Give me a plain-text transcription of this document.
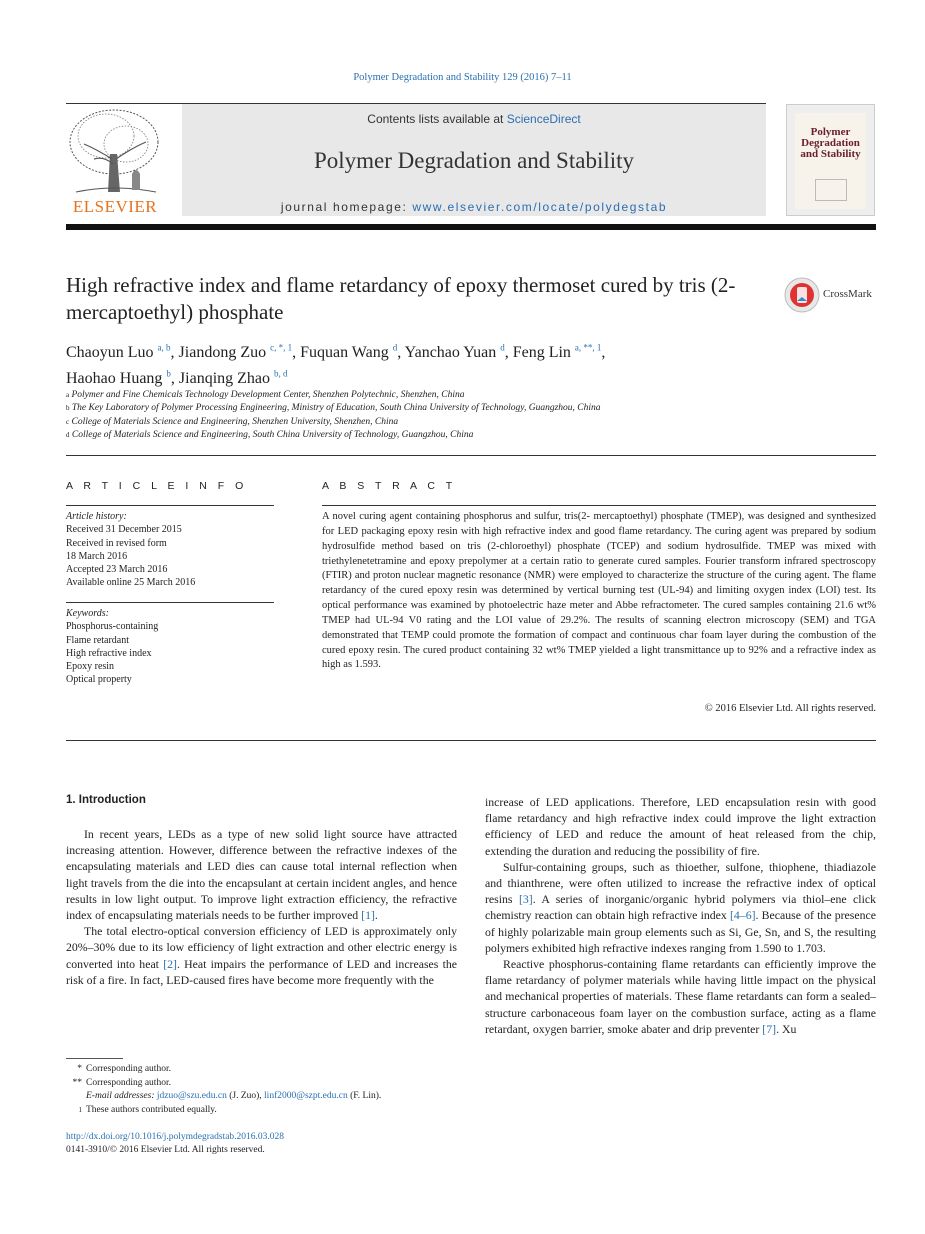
Polymer Degradation and Stability 129 (2016) 7–11
ELSEVIER
Contents lists available at ScienceDirect
Polymer Degradation and Stability
journal homepage: www.elsevier.com/locate/polydegstab
Polymer Degradation and Stability
High refractive index and flame retardancy of epoxy thermoset cured by tris (2- mercaptoethyl) phosphate
CrossMark
Chaoyun Luo $^{a, b}$, Jiandong Zuo $^{c, *, 1}$, Fuquan Wang $^d$, Yanchao Yuan $^d$, Feng Lin $^{a, **, 1}$,
Haohao Huang $^b$, Jianqing Zhao $^{b, d}$
$^a$ Polymer and Fine Chemicals Technology Development Center, Shenzhen Polytechnic, Shenzhen, China
$^b$ The Key Laboratory of Polymer Processing Engineering, Ministry of Education, South China University of Technology, Guangzhou, China
$^c$ College of Materials Science and Engineering, Shenzhen University, Shenzhen, China
$^d$ College of Materials Science and Engineering, South China University of Technology, Guangzhou, China
A R T I C L E I N F O	A B S T R A C T
Article history:
Received 31 December 2015
Received in revised form
18 March 2016
Accepted 23 March 2016
Available online 25 March 2016
Keywords:
Phosphorus-containing
Flame retardant
High refractive index
Epoxy resin
Optical property
A novel curing agent containing phosphorus and sulfur, tris(2- mercaptoethyl) phosphate (TMEP), was designed and synthesized for LED packaging epoxy resin with high refractive index and good flame retardancy. The curing agent was prepared by sodium hydrosulfide method based on tris (2-chloroethyl) phosphate (TCEP) and sodium hydrosulfide. TMEP was mixed with triethylenetetramine and epoxy prepolymer at a certain ratio to generate cured samples. Fourier transform infrared spectroscopy (FTIR) and proton nuclear magnetic resonance (NMR) were employed to characterize the structure of the curing agent. The flame retardancy of the cured epoxy resin was determined by vertical burning test (UL-94) and limiting oxygen index (LOI) test. Its optical performance was examined by photoelectric haze meter and Abbe refractometer. The cured samples containing 21.6 wt% TMEP had UL-94 V0 rating and the LOI value of 29.2%. The results of scanning electron microscopy (SEM) and TGA demonstrated that TEMP could promote the formation of compact and continuous char foam layer during the combustion of the cured epoxy resin. The cured product containing 32 wt% TMEP yielded a light transmittance up to 92% and a refractive index as high as 1.593.
© 2016 Elsevier Ltd. All rights reserved.
1. Introduction

In recent years, LEDs as a type of new solid light source have attracted increasing attention. However, difference between the refractive indexes of the encapsulating materials and LED dies can cause total internal reflection when light travels from the die into the encapsulant at certain incident angles, and hence results in low light output. To improve light extraction efficiency, the refractive index of encapsulating materials needs to be further improved [1].

The total electro-optical conversion efficiency of LED is approximately only 20%–30% due to its low efficiency of light extraction and other electric energy is converted into heat [2]. Heat impairs the performance of LED and increases the risk of a fire. In fact, LED-caused fires have become more frequently with the

increase of LED applications. Therefore, LED encapsulation resin with good flame retardancy and high refractive index could improve the light extraction efficiency of LED and reduce the amount of heat released from the chip, extending the duration and reducing the possibility of fire.

Sulfur-containing groups, such as thioether, sulfone, thiophene, thiadiazole and thianthrene, were often utilized to increase the refractive index of optical resins [3]. A series of inorganic/organic hybrid polymers via thiol–ene click chemistry reaction can obtain high refractive index [4–6]. Because of the presence of highly polarizable main group elements such as Si, Ge, Sn, and S, the resulting polymers exhibited high refractive indexes ranging from 1.590 to 1.703.

Reactive phosphorus-containing flame retardants can efficiently improve the flame retardancy of polymer materials while having little impact on the physical and mechanical properties of materials. These flame retardants can form a sealed–structure carbonaceous foam layer on the combustion surface, acting as a flame retardant, oxygen barrier, smoke abater and drip preventer [7]. Xu

* Corresponding author.
** Corresponding author.
E-mail addresses: jdzuo@szu.edu.cn (J. Zuo), linf2000@szpt.edu.cn (F. Lin).
1 These authors contributed equally.
http://dx.doi.org/10.1016/j.polymdegradstab.2016.03.028
0141-3910/© 2016 Elsevier Ltd. All rights reserved.
